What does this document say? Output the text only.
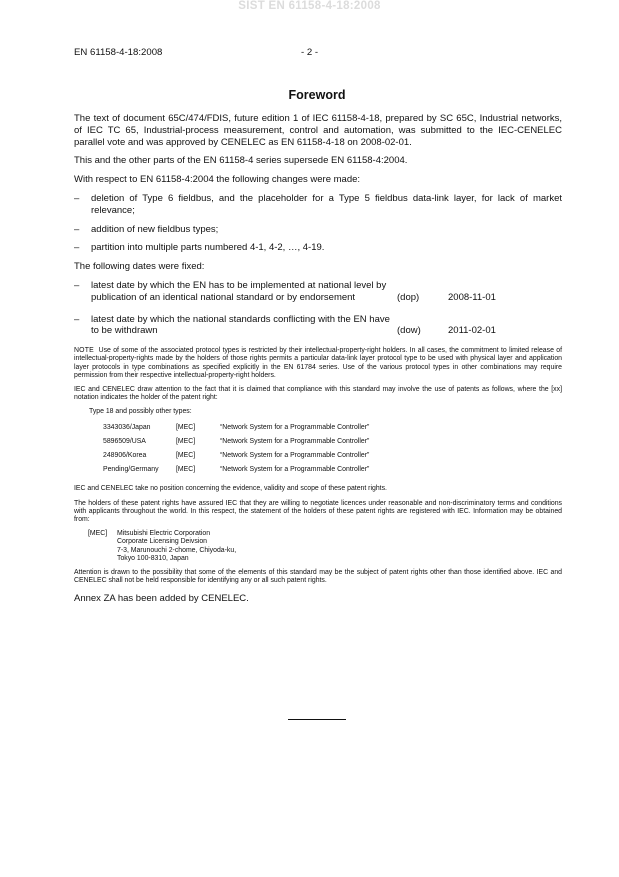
SIST EN 61158-4-18:2008
EN 61158-4-18:2008	- 2 -
Foreword

The text of document 65C/474/FDIS, future edition 1 of IEC 61158-4-18, prepared by SC 65C, Industrial networks, of IEC TC 65, Industrial-process measurement, control and automation, was submitted to the IEC-CENELEC parallel vote and was approved by CENELEC as EN 61158-4-18 on 2008-02-01.

This and the other parts of the EN 61158-4 series supersede EN 61158-4:2004.

With respect to EN 61158-4:2004 the following changes were made:

–	deletion of Type 6 fieldbus, and the placeholder for a Type 5 fieldbus data-link layer, for lack of market relevance;
–	addition of new fieldbus types;
–	partition into multiple parts numbered 4-1, 4-2, …, 4-19.

The following dates were fixed:

–	latest date by which the EN has to be implemented at national level by publication of an identical national standard or by endorsement	(dop)	2008-11-01
–	latest date by which the national standards conflicting with the EN have to be withdrawn	(dow)	2011-02-01

NOTE Use of some of the associated protocol types is restricted by their intellectual-property-right holders. In all cases, the commitment to limited release of intellectual-property-rights made by the holders of those rights permits a particular data-link layer protocol type to be used with physical layer and application layer protocols in type combinations as specified explicitly in the EN 61784 series. Use of the various protocol types in other combinations may require permission from their respective intellectual-property-right holders.

IEC and CENELEC draw attention to the fact that it is claimed that compliance with this standard may involve the use of patents as follows, where the [xx] notation indicates the holder of the patent right:

Type 18 and possibly other types:
3343036/Japan	[MEC]	“Network System for a Programmable Controller”
5896509/USA	[MEC]	“Network System for a Programmable Controller”
248906/Korea	[MEC]	“Network System for a Programmable Controller”
Pending/Germany	[MEC]	“Network System for a Programmable Controller”

IEC and CENELEC take no position concerning the evidence, validity and scope of these patent rights.

The holders of these patent rights have assured IEC that they are willing to negotiate licences under reasonable and non-discriminatory terms and conditions with applicants throughout the world. In this respect, the statement of the holders of these patent rights are registered with IEC. Information may be obtained from:

[MEC]	Mitsubishi Electric Corporation
Corporate Licensing Deivsion
7-3, Marunouchi 2-chome, Chiyoda-ku,
Tokyo 100-8310, Japan

Attention is drawn to the possibility that some of the elements of this standard may be the subject of patent rights other than those identified above. IEC and CENELEC shall not be held responsible for identifying any or all such patent rights.

Annex ZA has been added by CENELEC.
